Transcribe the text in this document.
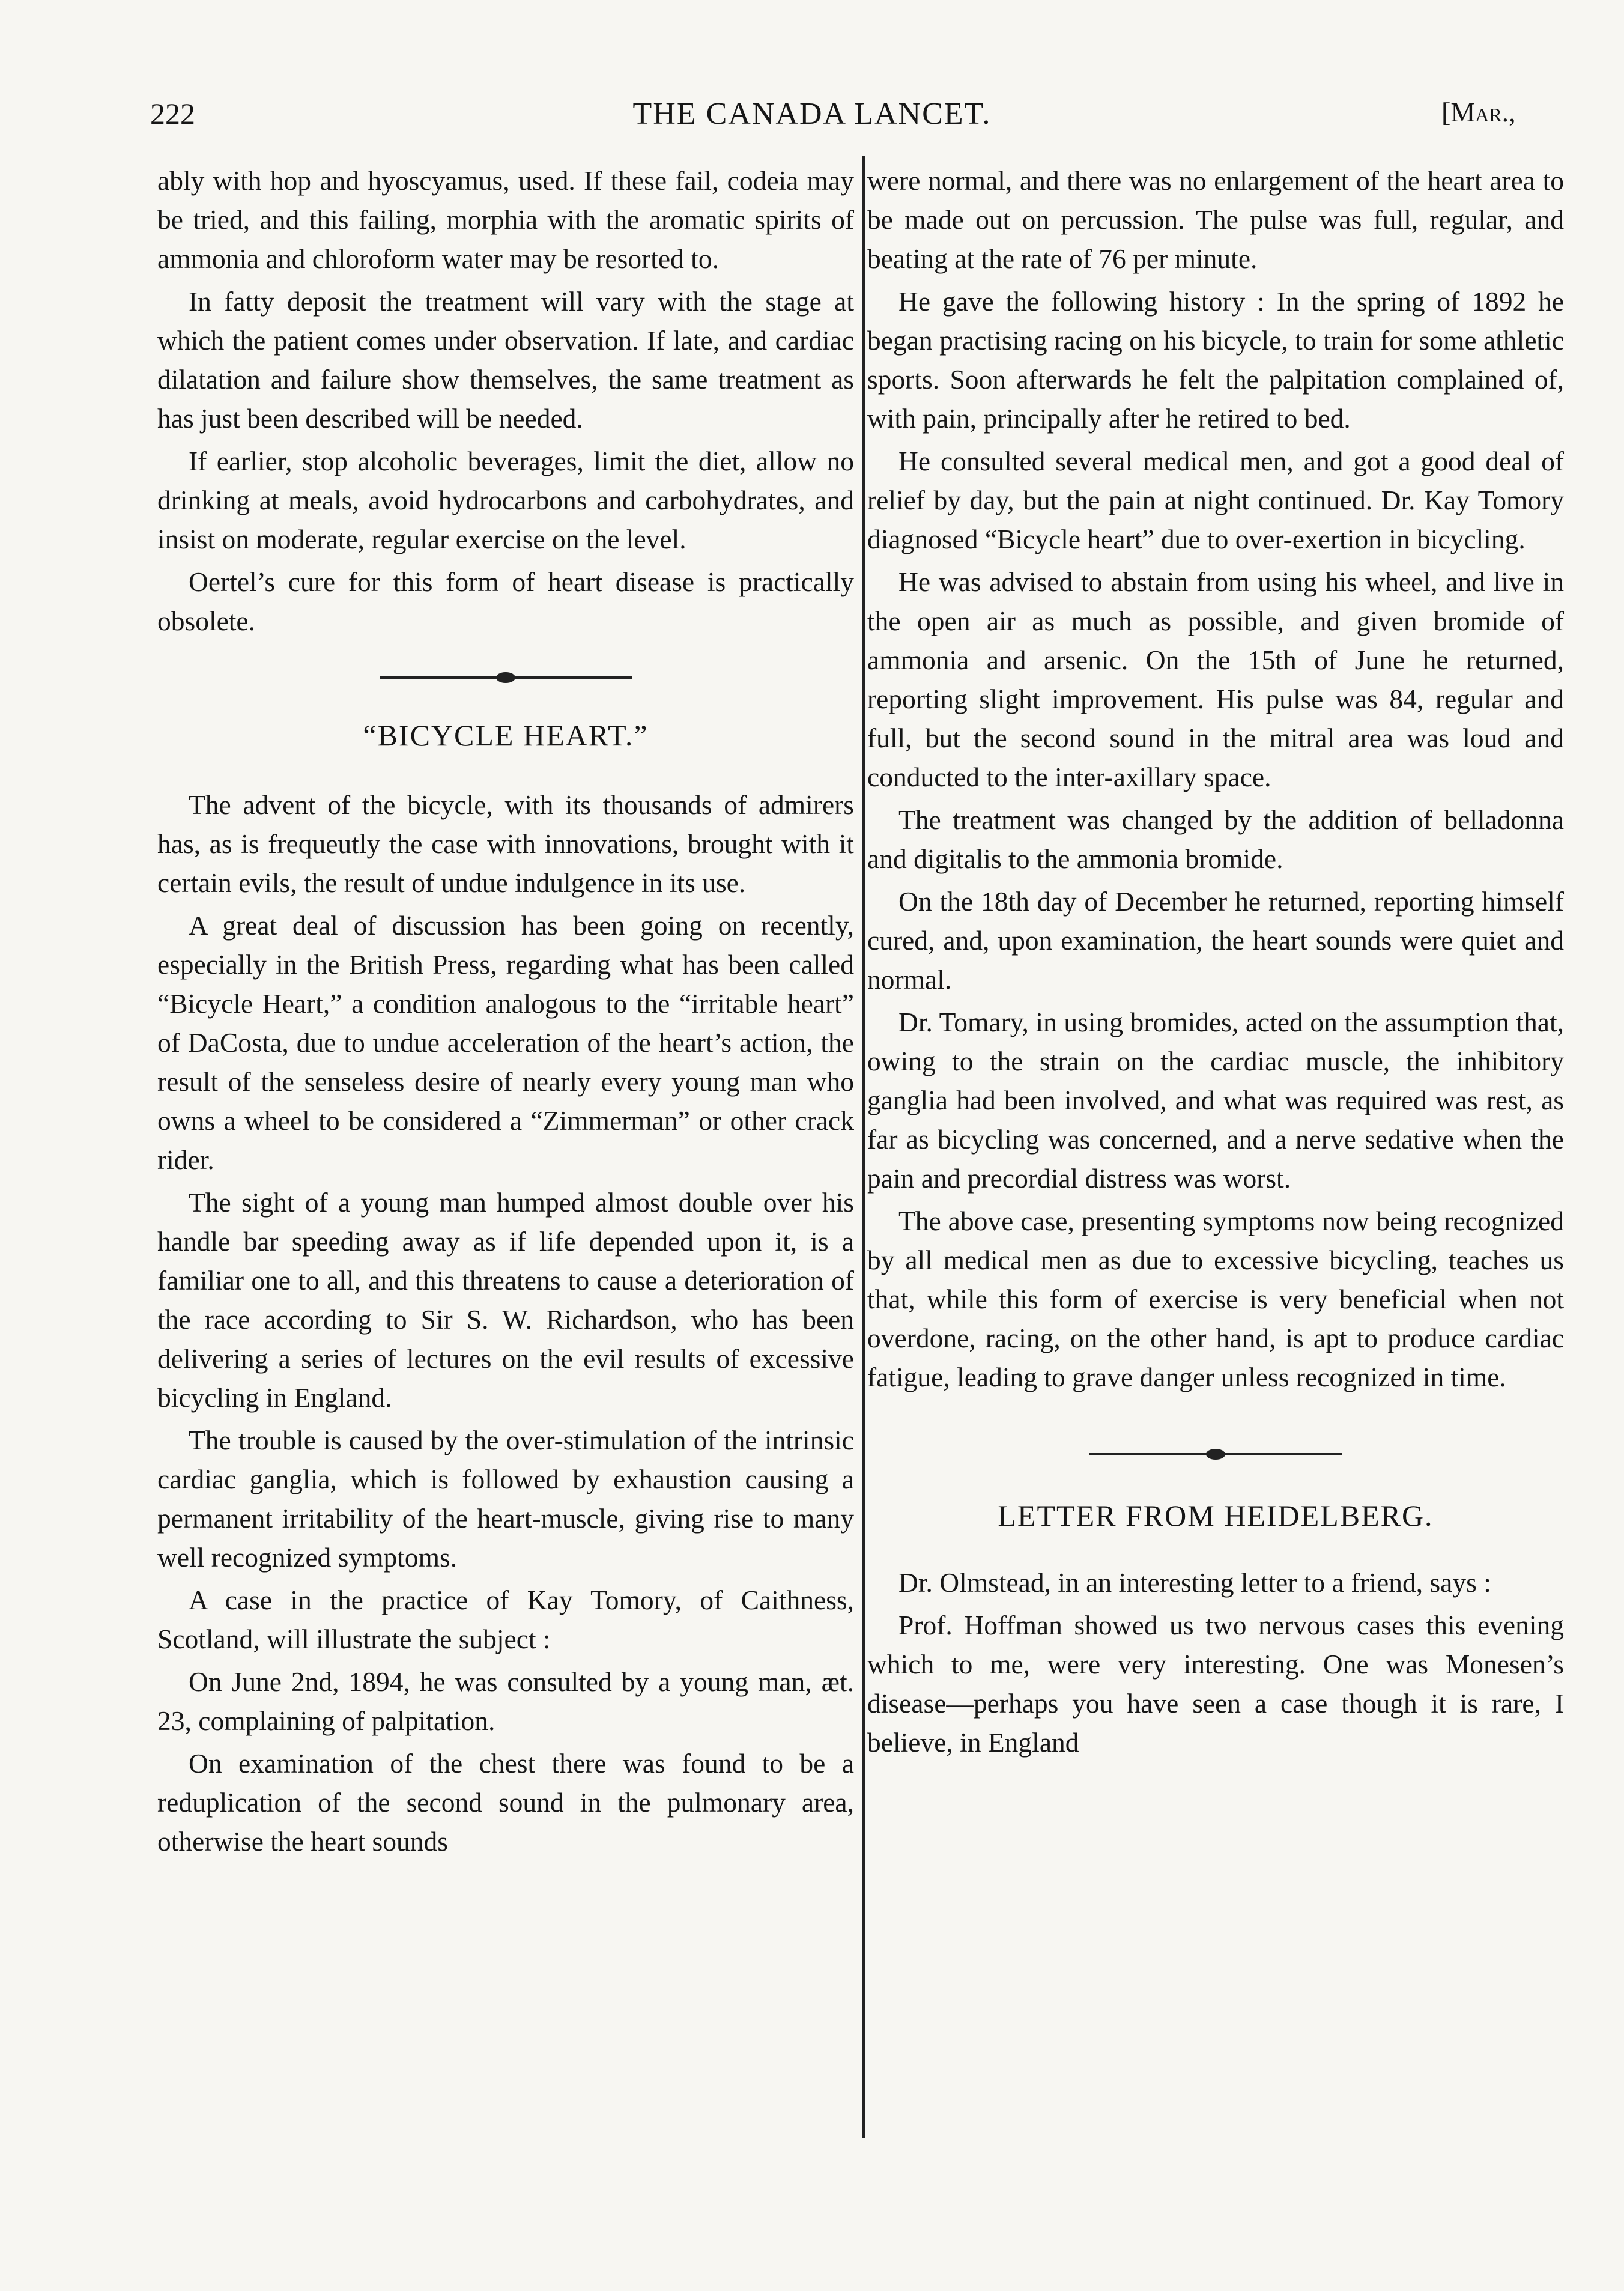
222	THE CANADA LANCET.	[Mar.,

ably with hop and hyoscyamus, used. If these fail, codeia may be tried, and this failing, morphia with the aromatic spirits of ammonia and chloroform water may be resorted to.

In fatty deposit the treatment will vary with the stage at which the patient comes under observation. If late, and cardiac dilatation and failure show themselves, the same treatment as has just been described will be needed.

If earlier, stop alcoholic beverages, limit the diet, allow no drinking at meals, avoid hydrocarbons and carbohydrates, and insist on moderate, regular exercise on the level.

Oertel’s cure for this form of heart disease is practically obsolete.

“BICYCLE HEART.”

The advent of the bicycle, with its thousands of admirers has, as is frequeutly the case with innovations, brought with it certain evils, the result of undue indulgence in its use.

A great deal of discussion has been going on recently, especially in the British Press, regarding what has been called “Bicycle Heart,” a condition analogous to the “irritable heart” of DaCosta, due to undue acceleration of the heart’s action, the result of the senseless desire of nearly every young man who owns a wheel to be considered a “Zimmerman” or other crack rider.

The sight of a young man humped almost double over his handle bar speeding away as if life depended upon it, is a familiar one to all, and this threatens to cause a deterioration of the race according to Sir S. W. Richardson, who has been delivering a series of lectures on the evil results of excessive bicycling in England.

The trouble is caused by the over-stimulation of the intrinsic cardiac ganglia, which is followed by exhaustion causing a permanent irritability of the heart-muscle, giving rise to many well recognized symptoms.

A case in the practice of Kay Tomory, of Caithness, Scotland, will illustrate the subject :

On June 2nd, 1894, he was consulted by a young man, æt. 23, complaining of palpitation.

On examination of the chest there was found to be a reduplication of the second sound in the pulmonary area, otherwise the heart sounds

were normal, and there was no enlargement of the heart area to be made out on percussion. The pulse was full, regular, and beating at the rate of 76 per minute.

He gave the following history : In the spring of 1892 he began practising racing on his bicycle, to train for some athletic sports. Soon afterwards he felt the palpitation complained of, with pain, principally after he retired to bed.

He consulted several medical men, and got a good deal of relief by day, but the pain at night continued. Dr. Kay Tomory diagnosed “Bicycle heart” due to over-exertion in bicycling.

He was advised to abstain from using his wheel, and live in the open air as much as possible, and given bromide of ammonia and arsenic. On the 15th of June he returned, reporting slight improvement. His pulse was 84, regular and full, but the second sound in the mitral area was loud and conducted to the inter-axillary space.

The treatment was changed by the addition of belladonna and digitalis to the ammonia bromide.

On the 18th day of December he returned, reporting himself cured, and, upon examination, the heart sounds were quiet and normal.

Dr. Tomary, in using bromides, acted on the assumption that, owing to the strain on the cardiac muscle, the inhibitory ganglia had been involved, and what was required was rest, as far as bicycling was concerned, and a nerve sedative when the pain and precordial distress was worst.

The above case, presenting symptoms now being recognized by all medical men as due to excessive bicycling, teaches us that, while this form of exercise is very beneficial when not overdone, racing, on the other hand, is apt to produce cardiac fatigue, leading to grave danger unless recognized in time.

LETTER FROM HEIDELBERG.

Dr. Olmstead, in an interesting letter to a friend, says :

Prof. Hoffman showed us two nervous cases this evening which to me, were very interesting. One was Monesen’s disease—perhaps you have seen a case though it is rare, I believe, in England
